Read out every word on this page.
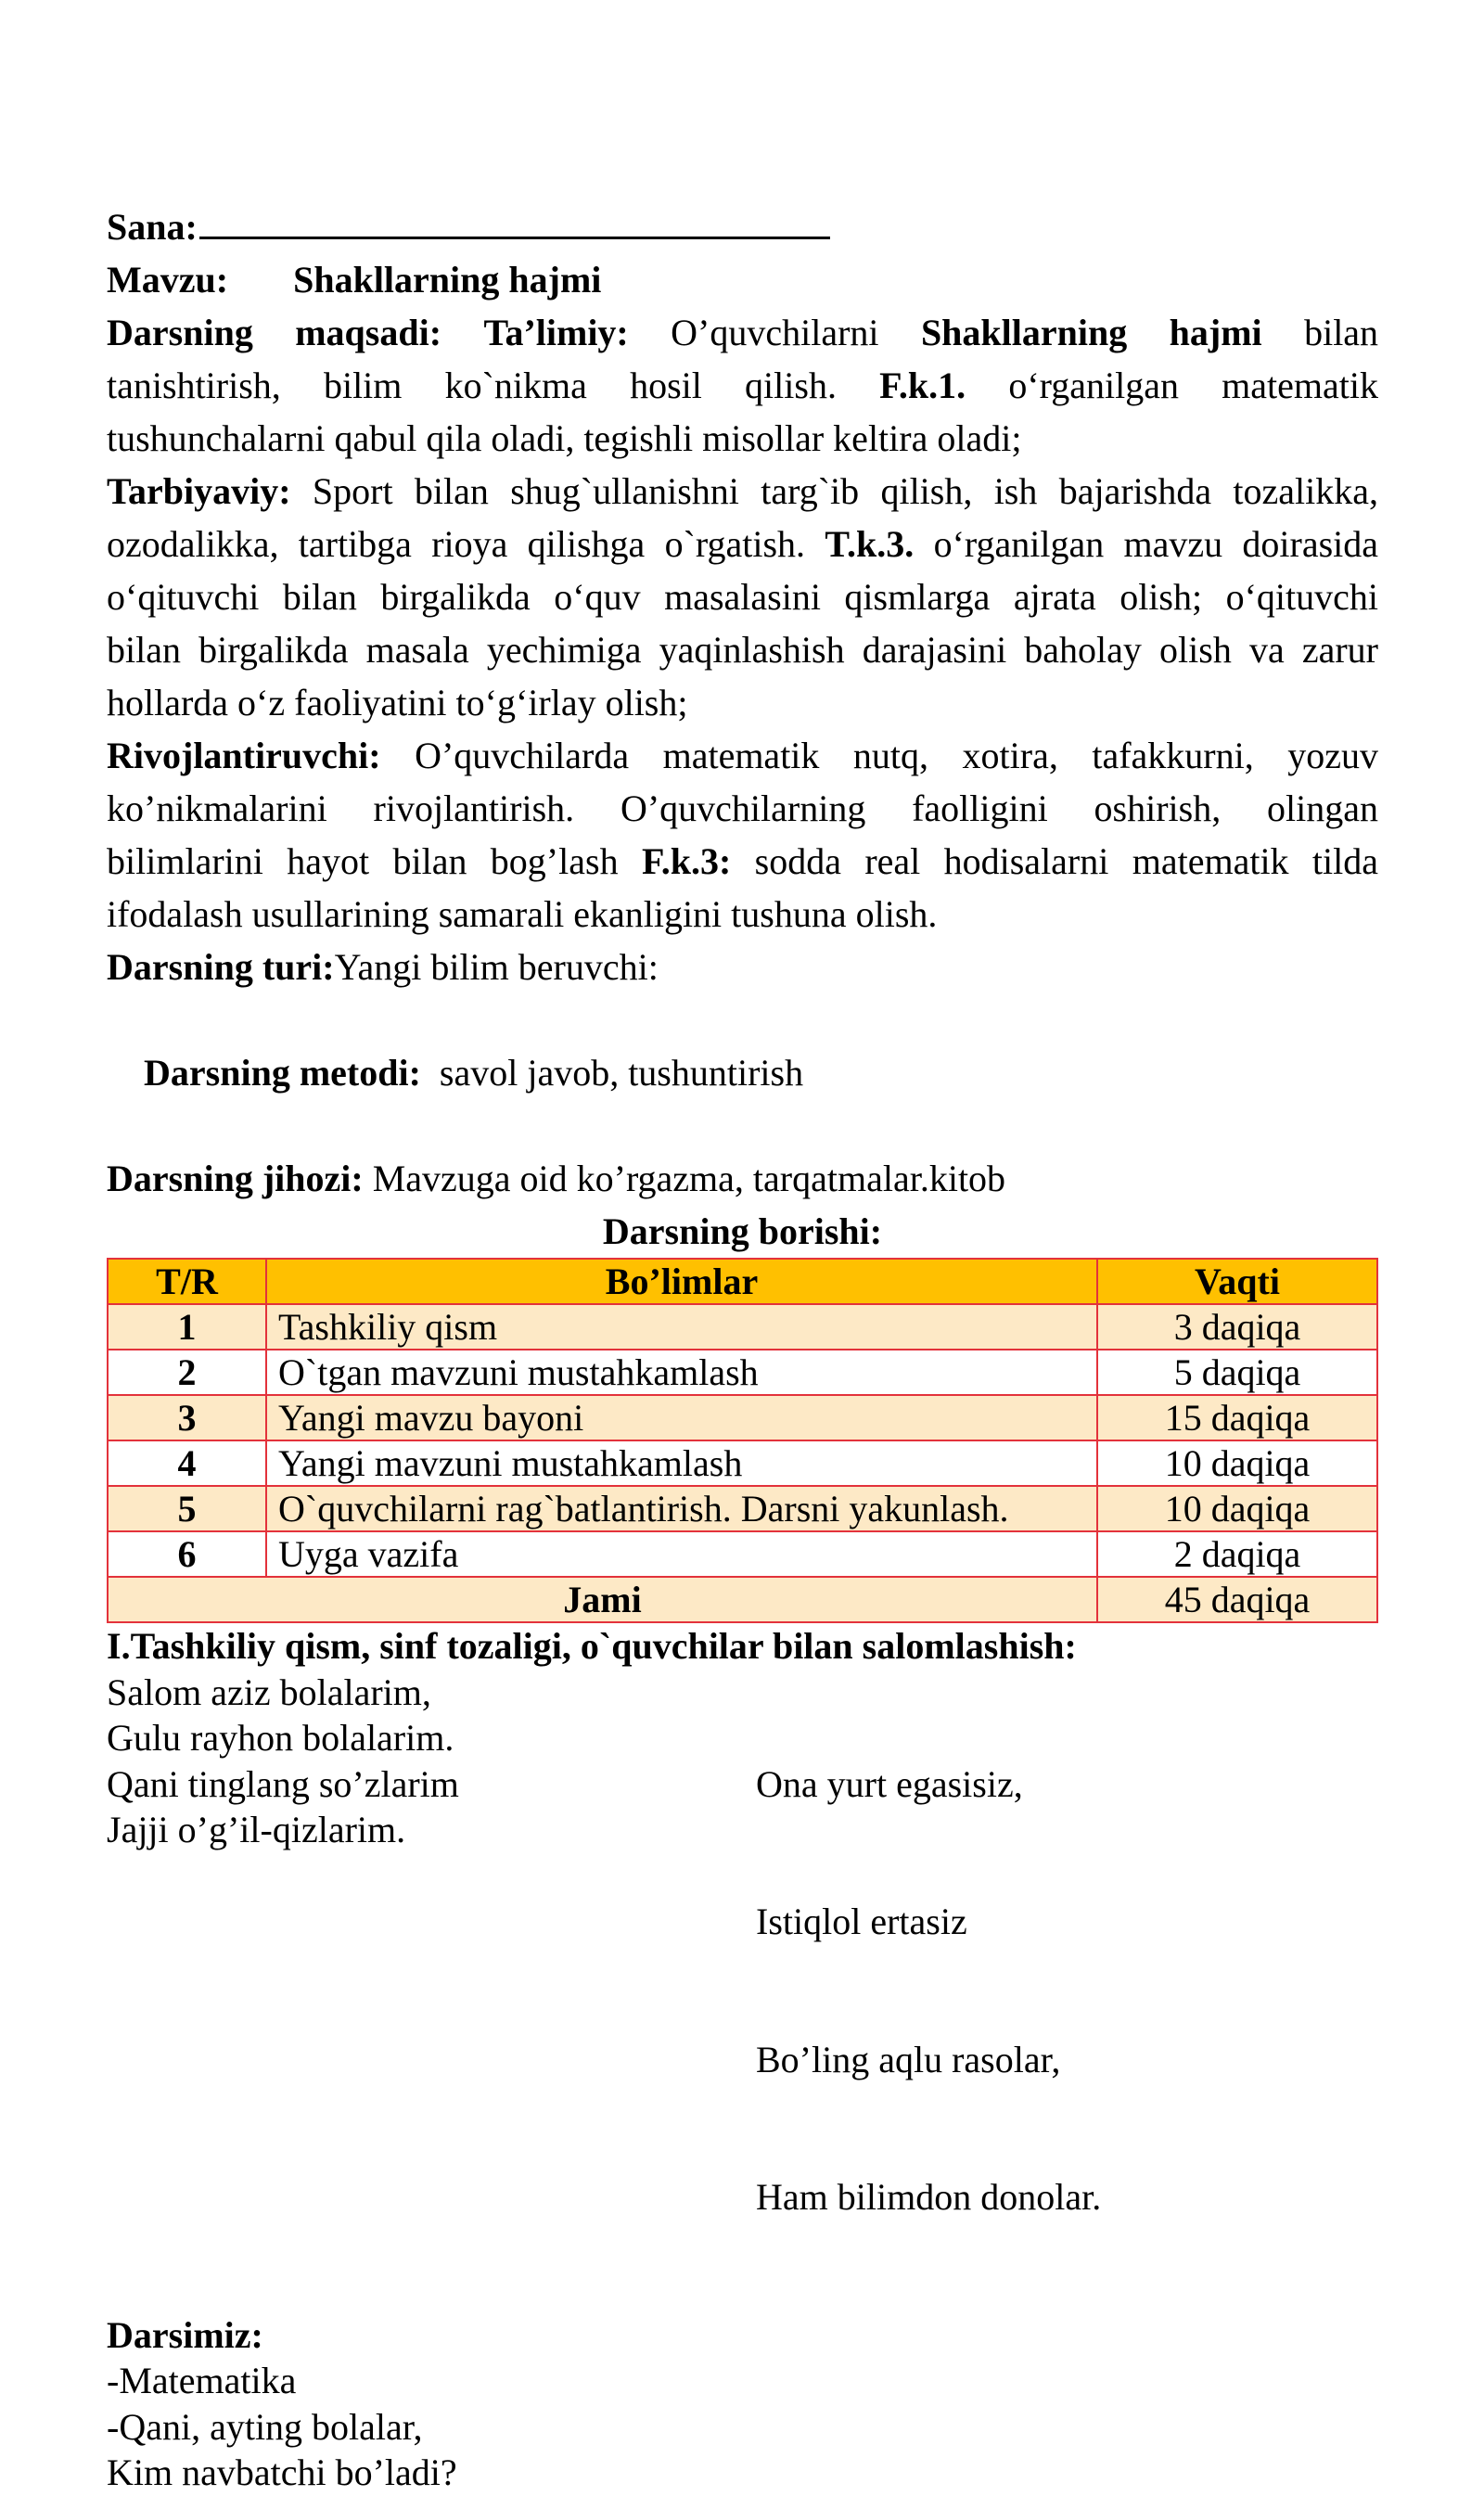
Sana:
Mavzu: Shakllarning hajmi
Darsning maqsadi: Ta’limiy: O’quvchilarni Shakllarning hajmi bilan
tanishtirish, bilim ko`nikma hosil qilish. F.k.1. o‘rganilgan matematik
tushunchalarni qabul qila oladi, tegishli misollar keltira oladi;
Tarbiyaviy: Sport bilan shug`ullanishni targ`ib qilish, ish bajarishda tozalikka,
ozodalikka, tartibga rioya qilishga o`rgatish. T.k.3. o‘rganilgan mavzu doirasida
o‘qituvchi bilan birgalikda o‘quv masalasini qismlarga ajrata olish; o‘qituvchi
bilan birgalikda masala yechimiga yaqinlashish darajasini baholay olish va zarur
hollarda o‘z faoliyatini to‘g‘irlay olish;
Rivojlantiruvchi: O’quvchilarda matematik nutq, xotira, tafakkurni, yozuv
ko’nikmalarini rivojlantirish. O’quvchilarning faolligini oshirish, olingan
bilimlarini hayot bilan bog’lash F.k.3: sodda real hodisalarni matematik tilda
ifodalash usullarining samarali ekanligini tushuna olish.
Darsning turi:Yangi bilim beruvchi:

Darsning metodi:  savol javob, tushuntirish

Darsning jihozi: Mavzuga oid ko’rgazma, tarqatmalar.kitob
Darsning borishi:
T/R	Bo’limlar	Vaqti
1	Tashkiliy qism	3 daqiqa
2	O`tgan mavzuni mustahkamlash	5 daqiqa
3	Yangi mavzu bayoni	15 daqiqa
4	Yangi mavzuni mustahkamlash	10 daqiqa
5	O`quvchilarni rag`batlantirish. Darsni yakunlash.	10 daqiqa
6	Uyga vazifa	2 daqiqa
Jami		45 daqiqa
I.Tashkiliy qism, sinf tozaligi, o`quvchilar bilan salomlashish:
Salom aziz bolalarim,
Gulu rayhon bolalarim.
Qani tinglang so’zlarim
Jajji o’g’il-qizlarim.

Ona yurt egasisiz,

Istiqlol ertasiz

Bo’ling aqlu rasolar,

Ham bilimdon donolar.

Darsimiz:
-Matematika
-Qani, ayting bolalar,
Kim navbatchi bo’ladi?
